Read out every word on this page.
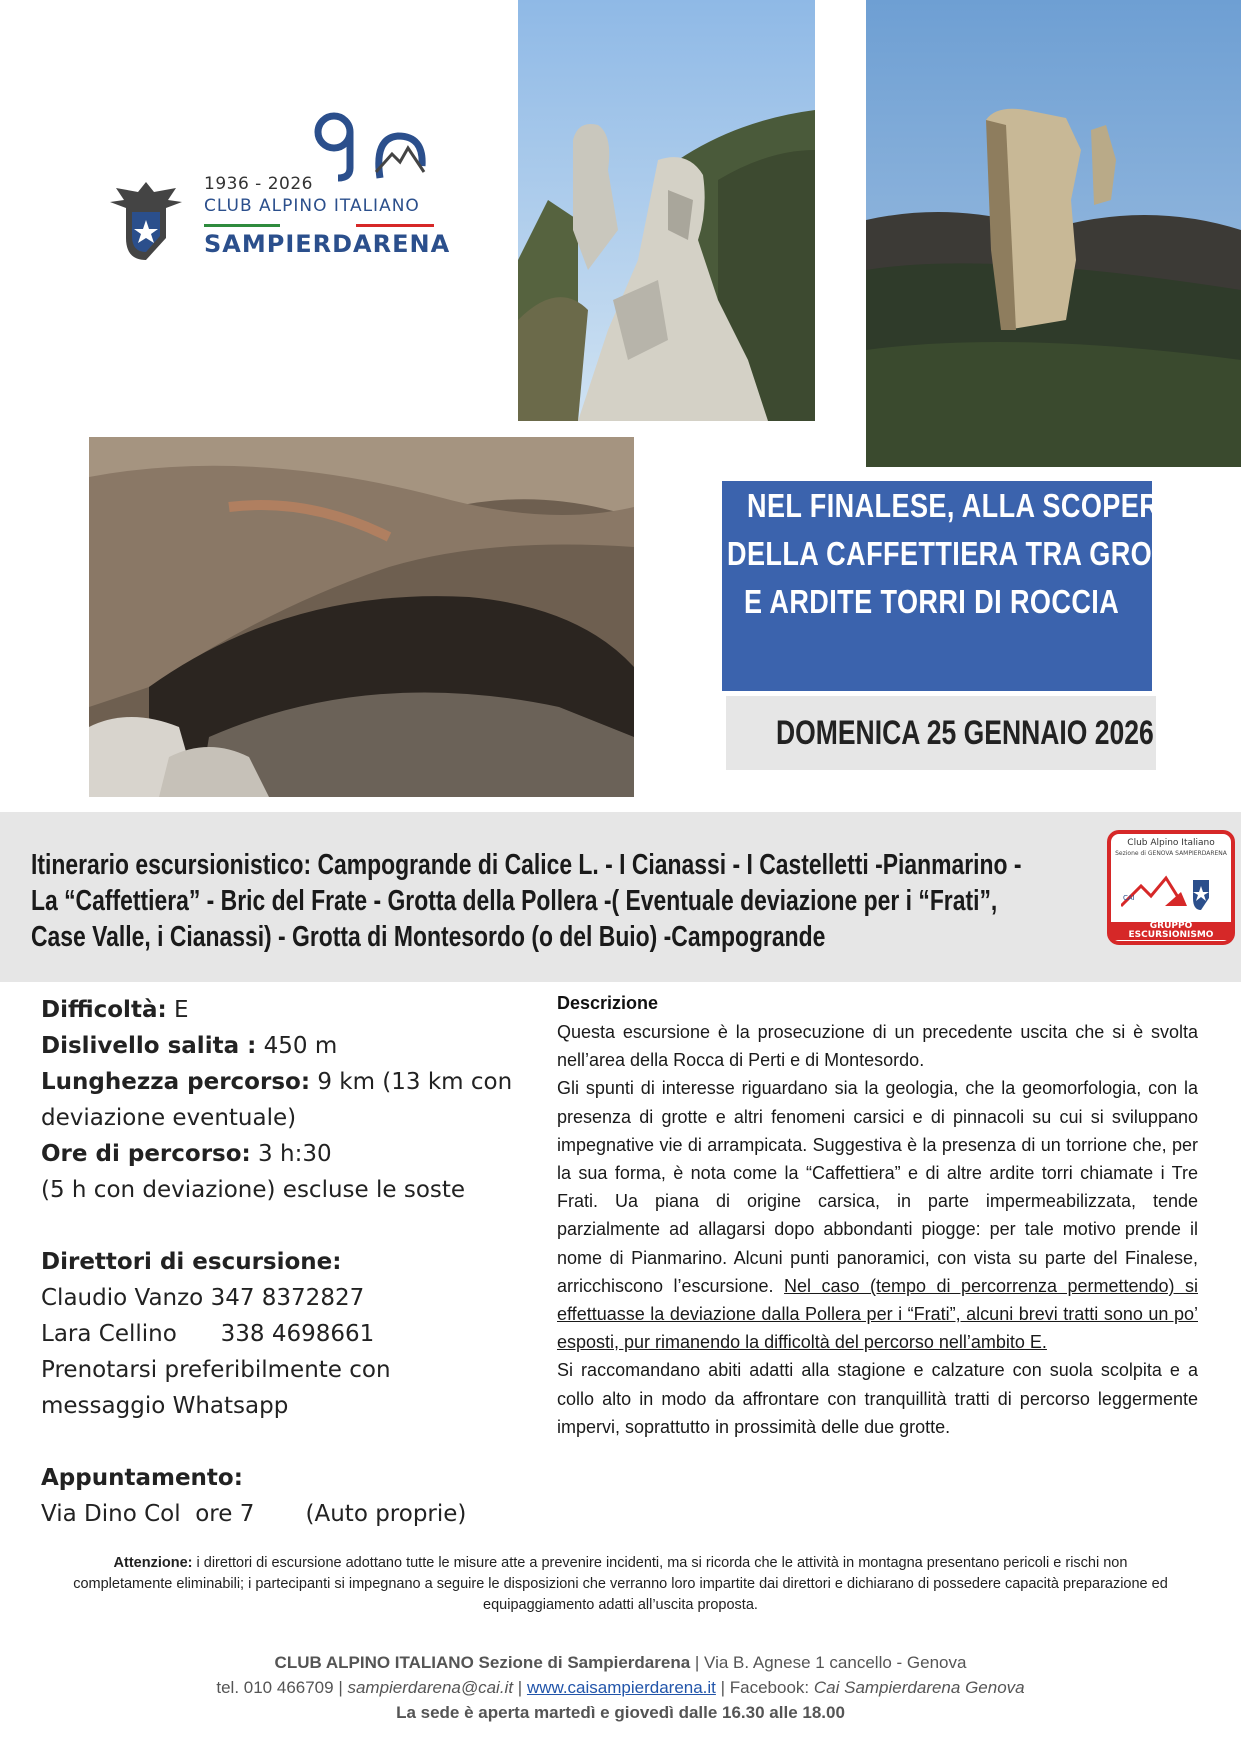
1936 - 2026
CLUB ALPINO ITALIANO
SAMPIERDARENA
NEL FINALESE, ALLA SCOPERTA
DELLA CAFFETTIERA TRA GROTTE
E ARDITE TORRI DI ROCCIA
DOMENICA 25 GENNAIO 2026
Itinerario escursionistico: Campogrande di Calice L. - I Cianassi - I Castelletti -Pianmarino -
La “Caffettiera” - Bric del Frate - Grotta della Pollera -( Eventuale deviazione per i “Frati”,
Case Valle, i Cianassi) - Grotta di Montesordo (o del Buio) -Campogrande
Club Alpino Italiano
Sezione di GENOVA SAMPIERDARENA
CAI
GRUPPO ESCURSIONISMO
Difficoltà: E
Dislivello salita : 450 m
Lunghezza percorso: 9 km (13 km con
deviazione eventuale)
Ore di percorso: 3 h:30
(5 h con deviazione) escluse le soste
Direttori di escursione:
Claudio Vanzo 347 8372827
Lara Cellino      338 4698661
Prenotarsi preferibilmente con
messaggio Whatsapp
Appuntamento:
Via Dino Col  ore 7       (Auto proprie)
Descrizione

Questa escursione è la prosecuzione di un precedente uscita che si è svolta nell’area della Rocca di Perti e di Montesordo.

Gli spunti di interesse riguardano sia la geologia, che la geomorfologia, con la presenza di grotte e altri fenomeni carsici e di pinnacoli su cui si sviluppano impegnative vie di arrampicata. Suggestiva è la presenza di un torrione che, per la sua forma, è nota come la “Caffettiera” e di altre ardite torri chiamate i Tre Frati. Ua piana di origine carsica, in parte impermeabilizzata, tende parzialmente ad allagarsi dopo abbondanti piogge: per tale motivo prende il nome di Pianmarino. Alcuni punti panoramici, con vista su parte del Finalese, arricchiscono l’escursione. Nel caso (tempo di percorrenza permettendo) si effettuasse la deviazione dalla Pollera per i “Frati”, alcuni brevi tratti sono un po’ esposti, pur rimanendo la difficoltà del percorso nell’ambito E.

Si raccomandano abiti adatti alla stagione e calzature con suola scolpita e a collo alto in modo da affrontare con tranquillità tratti di percorso leggermente impervi, soprattutto in prossimità delle due grotte.

Attenzione: i direttori di escursione adottano tutte le misure atte a prevenire incidenti, ma si ricorda che le attività in montagna presentano pericoli e rischi non completamente eliminabili; i partecipanti si impegnano a seguire le disposizioni che verranno loro impartite dai direttori e dichiarano di possedere capacità preparazione ed equipaggiamento adatti all’uscita proposta.
CLUB ALPINO ITALIANO Sezione di Sampierdarena | Via B. Agnese 1 cancello - Genova
tel. 010 466709 | sampierdarena@cai.it | www.caisampierdarena.it | Facebook: Cai Sampierdarena Genova
La sede è aperta martedì e giovedì dalle 16.30 alle 18.00
